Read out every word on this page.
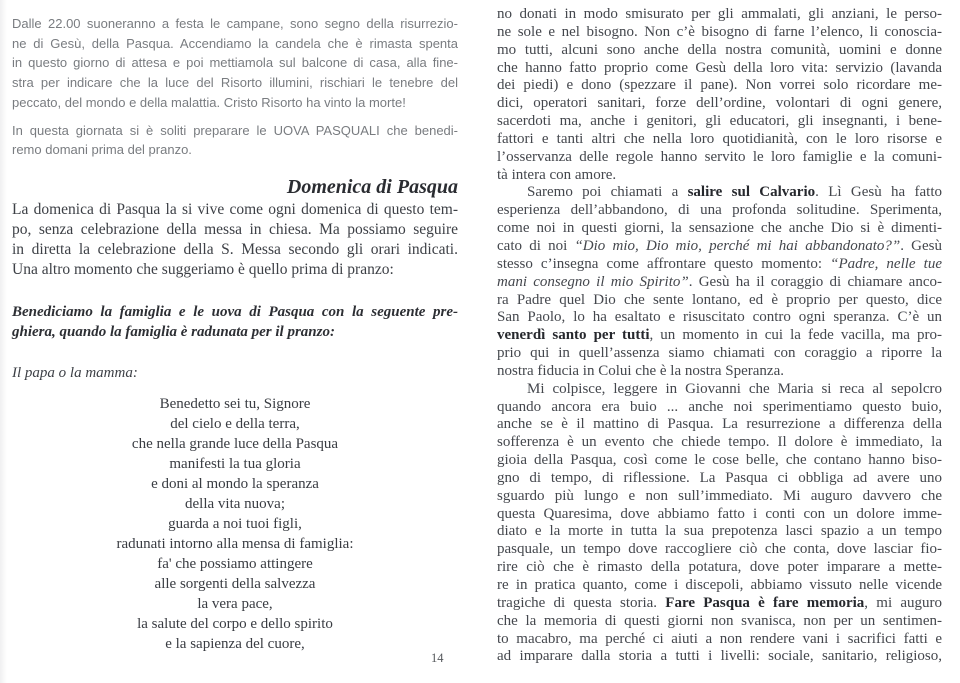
Dalle 22.00 suoneranno a festa le campane, sono segno della risurrezio-
ne di Gesù, della Pasqua. Accendiamo la candela che è rimasta spenta
in questo giorno di attesa e poi mettiamola sul balcone di casa, alla fine-
stra per indicare che la luce del Risorto illumini, rischiari le tenebre del
peccato, del mondo e della malattia. Cristo Risorto ha vinto la morte!
In questa giornata si è soliti preparare le UOVA PASQUALI che benedi-
remo domani prima del pranzo.
Domenica di Pasqua
La domenica di Pasqua la si vive come ogni domenica di questo tem-
po, senza celebrazione della messa in chiesa. Ma possiamo seguire
in diretta la celebrazione della S. Messa secondo gli orari indicati.
Una altro momento che suggeriamo è quello prima di pranzo:
Benediciamo la famiglia e le uova di Pasqua con la seguente pre-
ghiera, quando la famiglia è radunata per il pranzo:
Il papa o la mamma:
Benedetto sei tu, Signore
del cielo e della terra,
che nella grande luce della Pasqua
manifesti la tua gloria
e doni al mondo la speranza
della vita nuova;
guarda a noi tuoi figli,
radunati intorno alla mensa di famiglia:
fa' che possiamo attingere
alle sorgenti della salvezza
la vera pace,
la salute del corpo e dello spirito
e la sapienza del cuore,
no donati in modo smisurato per gli ammalati, gli anziani, le perso-
ne sole e nel bisogno. Non c’è bisogno di farne l’elenco, li conoscia-
mo tutti, alcuni sono anche della nostra comunità, uomini e donne
che hanno fatto proprio come Gesù della loro vita: servizio (lavanda
dei piedi) e dono (spezzare il pane). Non vorrei solo ricordare me-
dici, operatori sanitari, forze dell’ordine, volontari di ogni genere,
sacerdoti ma, anche i genitori, gli educatori, gli insegnanti, i bene-
fattori e tanti altri che nella loro quotidianità, con le loro risorse e
l’osservanza delle regole hanno servito le loro famiglie e la comuni-
tà intera con amore.
Saremo poi chiamati a salire sul Calvario. Lì Gesù ha fatto
esperienza dell’abbandono, di una profonda solitudine. Sperimenta,
come noi in questi giorni, la sensazione che anche Dio si è dimenti-
cato di noi “Dio mio, Dio mio, perché mi hai abbandonato?”. Gesù
stesso c’insegna come affrontare questo momento: “Padre, nelle tue
mani consegno il mio Spirito”. Gesù ha il coraggio di chiamare anco-
ra Padre quel Dio che sente lontano, ed è proprio per questo, dice
San Paolo, lo ha esaltato e risuscitato contro ogni speranza. C’è un
venerdì santo per tutti, un momento in cui la fede vacilla, ma pro-
prio qui in quell’assenza siamo chiamati con coraggio a riporre la
nostra fiducia in Colui che è la nostra Speranza.
Mi colpisce, leggere in Giovanni che Maria si reca al sepolcro
quando ancora era buio ... anche noi sperimentiamo questo buio,
anche se è il mattino di Pasqua. La resurrezione a differenza della
sofferenza è un evento che chiede tempo. Il dolore è immediato, la
gioia della Pasqua, così come le cose belle, che contano hanno biso-
gno di tempo, di riflessione. La Pasqua ci obbliga ad avere uno
sguardo più lungo e non sull’immediato. Mi auguro davvero che
questa Quaresima, dove abbiamo fatto i conti con un dolore imme-
diato e la morte in tutta la sua prepotenza lasci spazio a un tempo
pasquale, un tempo dove raccogliere ciò che conta, dove lasciar fio-
rire ciò che è rimasto della potatura, dove poter imparare a mette-
re in pratica quanto, come i discepoli, abbiamo vissuto nelle vicende
tragiche di questa storia. Fare Pasqua è fare memoria, mi auguro
che la memoria di questi giorni non svanisca, non per un sentimen-
to macabro, ma perché ci aiuti a non rendere vani i sacrifici fatti e
ad imparare dalla storia a tutti i livelli: sociale, sanitario, religioso,
14
